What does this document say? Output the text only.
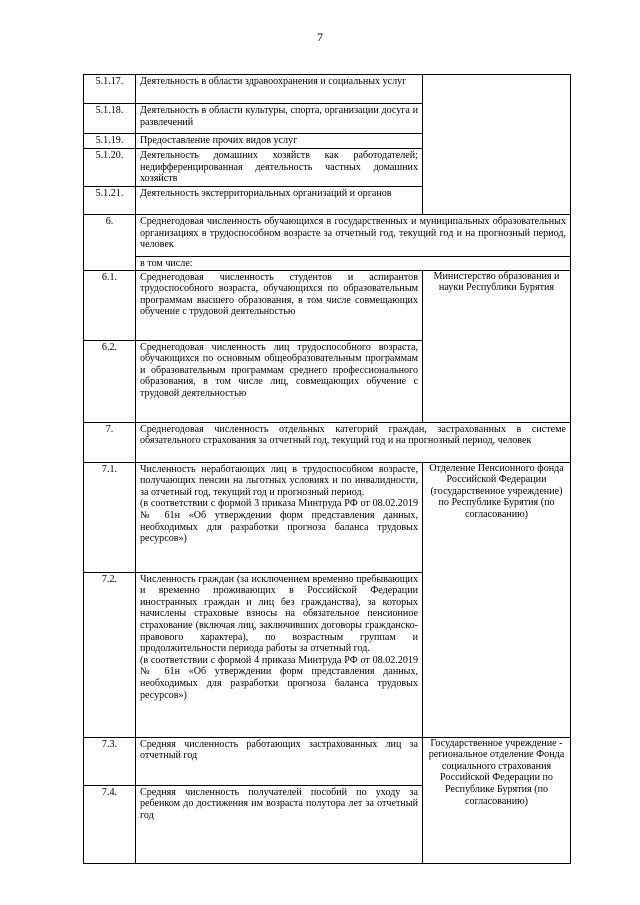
7
5.1.17.	Деятельность в области здравоохранения и социальных услуг	
5.1.18.	Деятельность в области культуры, спорта, организации досуга и развлечений	
5.1.19.	Предоставление прочих видов услуг	
5.1.20.	Деятельность домашних хозяйств как работодателей; недифференцированная деятельность частных домашних хозяйств	
5.1.21.	Деятельность экстерриториальных организаций и органов	
6.	Среднегодовая численность обучающихся в государственных и муниципальных образовательных организациях в трудоспособном возрасте за отчетный год, текущий год и на прогнозный период, человек	
	в том числе:	
6.1.	Среднегодовая численность студентов и аспирантов трудоспособного возраста, обучающихся по образовательным программам высшего образования, в том числе совмещающих обучение с трудовой деятельностью	Министерство образования и науки Республики Бурятия
6.2.	Среднегодовая численность лиц трудоспособного возраста, обучающихся по основным общеобразовательным программам и образовательным программам среднего профессионального образования, в том числе лиц, совмещающих обучение с трудовой деятельностью	
7.	Среднегодовая численность отдельных категорий граждан, застрахованных в системе обязательного страхования за отчетный год, текущий год и на прогнозный период, человек	
7.1.	Численность неработающих лиц в трудоспособном возрасте, получающих пенсии на льготных условиях и по инвалидности, за отчетный год, текущий год и прогнозный период.
(в соответствии с формой 3 приказа Минтруда РФ от 08.02.2019 № 61н «Об утверждении форм представления данных, необходимых для разработки прогноза баланса трудовых ресурсов»)	Отделение Пенсионного фонда Российской Федерации (государственное учреждение) по Республике Бурятия (по согласованию)
7.2.	Численность граждан (за исключением временно пребывающих и временно проживающих в Российской Федерации иностранных граждан и лиц без гражданства), за которых начислены страховые взносы на обязательное пенсионное страхование (включая лиц, заключивших договоры гражданско-правового характера), по возрастным группам и продолжительности периода работы за отчетный год.
(в соответствии с формой 4 приказа Минтруда РФ от 08.02.2019 № 61н «Об утверждении форм представления данных, необходимых для разработки прогноза баланса трудовых ресурсов»)	

7.3.	Средняя численность работающих застрахованных лиц за отчетный год	Государственное учреждение - региональное отделение Фонда социального страхования Российской Федерации по Республике Бурятия (по согласованию)
7.4.	Средняя численность получателей пособий по уходу за ребенком до достижения им возраста полутора лет за отчетный год	
